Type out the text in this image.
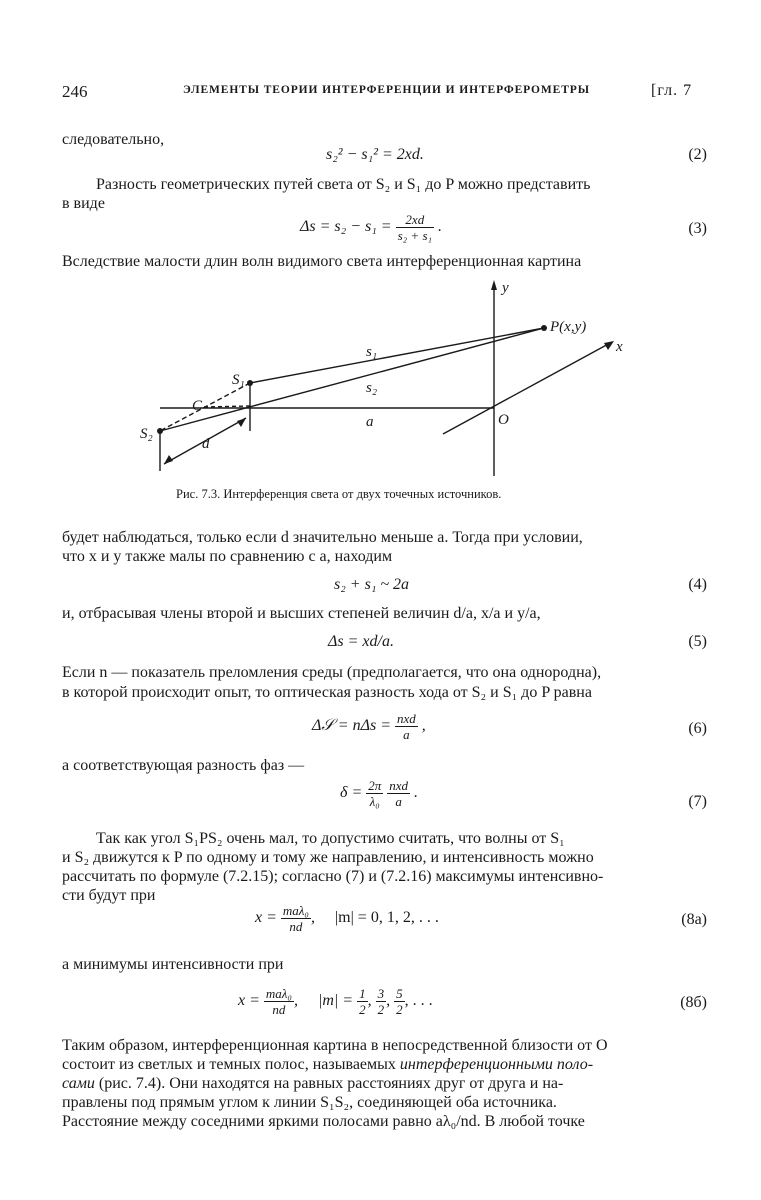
246	ЭЛЕМЕНТЫ ТЕОРИИ ИНТЕРФЕРЕНЦИИ И ИНТЕРФЕРОМЕТРЫ	[гл. 7
следовательно,
s₂² − s₁² = 2xd.	(2)
Разность геометрических путей света от S₂ и S₁ до P можно представить
в виде
$\Delta s = s_2 - s_1 = \frac{2xd}{\text{s₂ + s₁}}$ .	(3)
Вследствие малости длин волн видимого света интерференционная картина
y
x
P(x,y)
s₁
s₂
S₁
S₂
C
a	O
d
Рис. 7.3. Интерференция света от двух точечных источников.
будет наблюдаться, только если d значительно меньше a. Тогда при условии,
что x и y также малы по сравнению с a, находим
s₂ + s₁ ~ 2a	(4)
и, отбрасывая члены второй и высших степеней величин d/a, x/a и y/a,
Δs = xd/a.	(5)
Если n — показатель преломления среды (предполагается, что она однородна),
в которой происходит опыт, то оптическая разность хода от S₂ и S₁ до P равна
Δ𝒮 = $n\Delta s = \frac{\text{nxd}}{a}$ ,	(6)
а соответствующая разность фаз —
$\delta = \frac{2\pi}{\text{λ₀}}$
$\frac{\text{nxd}}{a}$ .
(7)
Так как угол S₁PS₂ очень мал, то допустимо считать, что волны от S₁
и S₂ движутся к P по одному и тому же направлению, и интенсивность можно
рассчитать по формуле (7.2.15); согласно (7) и (7.2.16) максимумы интенсивно-
сти будут при
$x = \frac{\text{maλ₀}}{nd}$ ,     |m| = 0, 1, 2, . . .	(8а)
а минимумы интенсивности при
$x = \frac{\text{maλ₀}}{nd}$ ,     $|m| = \frac{1}{2}$ , $\frac{3}{2}$ , $\frac{5}{2}$ , . . .	(8б)
Таким образом, интерференционная картина в непосредственной близости от O
состоит из светлых и темных полос, называемых интерференционными поло-
сами (рис. 7.4). Они находятся на равных расстояниях друг от друга и на-
правлены под прямым углом к линии S₁S₂, соединяющей оба источника.
Расстояние между соседними яркими полосами равно aλ₀/nd. В любой точке
